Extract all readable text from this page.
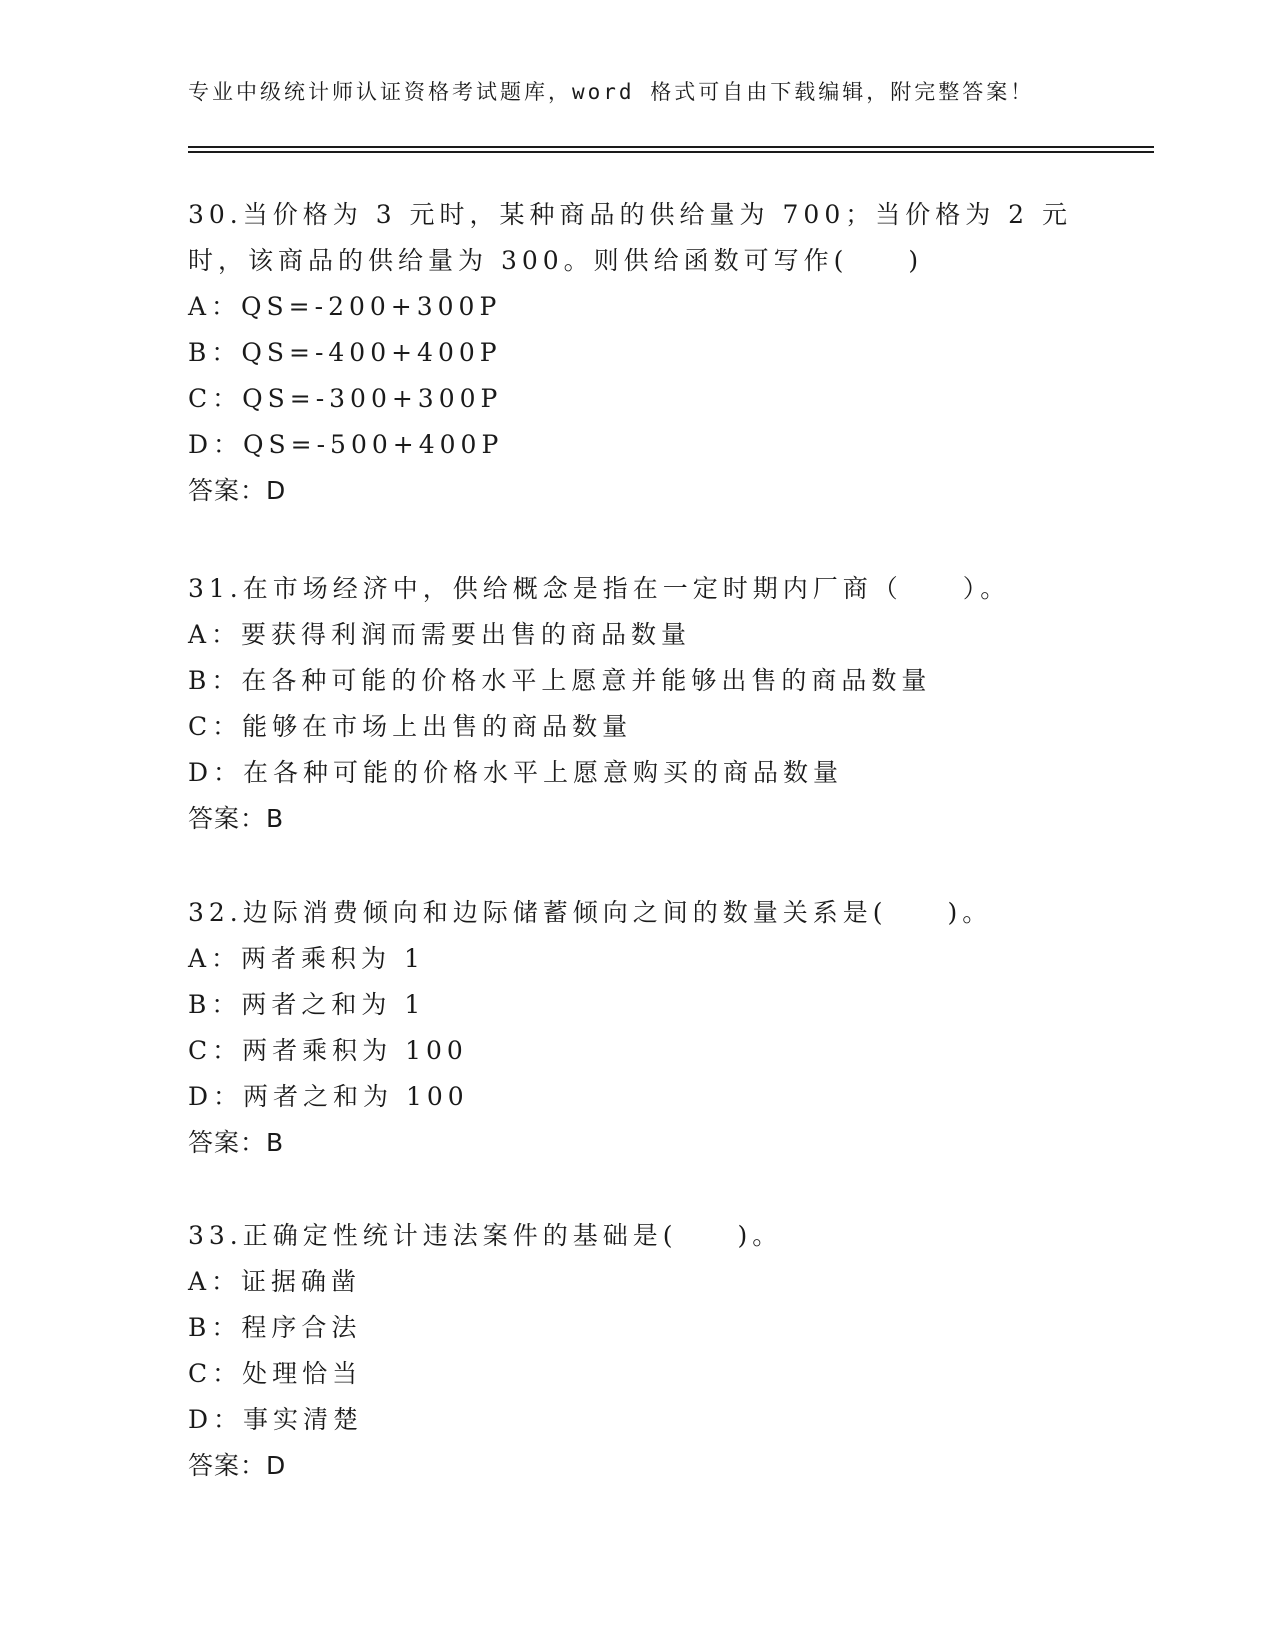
专业中级统计师认证资格考试题库，word 格式可自由下载编辑，附完整答案！
30.当价格为 3 元时，某种商品的供给量为 700；当价格为 2 元时，该商品的供给量为 300。则供给函数可写作(　　)
A：QS=-200+300P
B：QS=-400+400P
C：QS=-300+300P
D：QS=-500+400P
答案：D
31.在市场经济中，供给概念是指在一定时期内厂商（　　）。
A：要获得利润而需要出售的商品数量
B：在各种可能的价格水平上愿意并能够出售的商品数量
C：能够在市场上出售的商品数量
D：在各种可能的价格水平上愿意购买的商品数量
答案：B
32.边际消费倾向和边际储蓄倾向之间的数量关系是(　　)。
A：两者乘积为 1
B：两者之和为 1
C：两者乘积为 100
D：两者之和为 100
答案：B
33.正确定性统计违法案件的基础是(　　)。
A：证据确凿
B：程序合法
C：处理恰当
D：事实清楚
答案：D
